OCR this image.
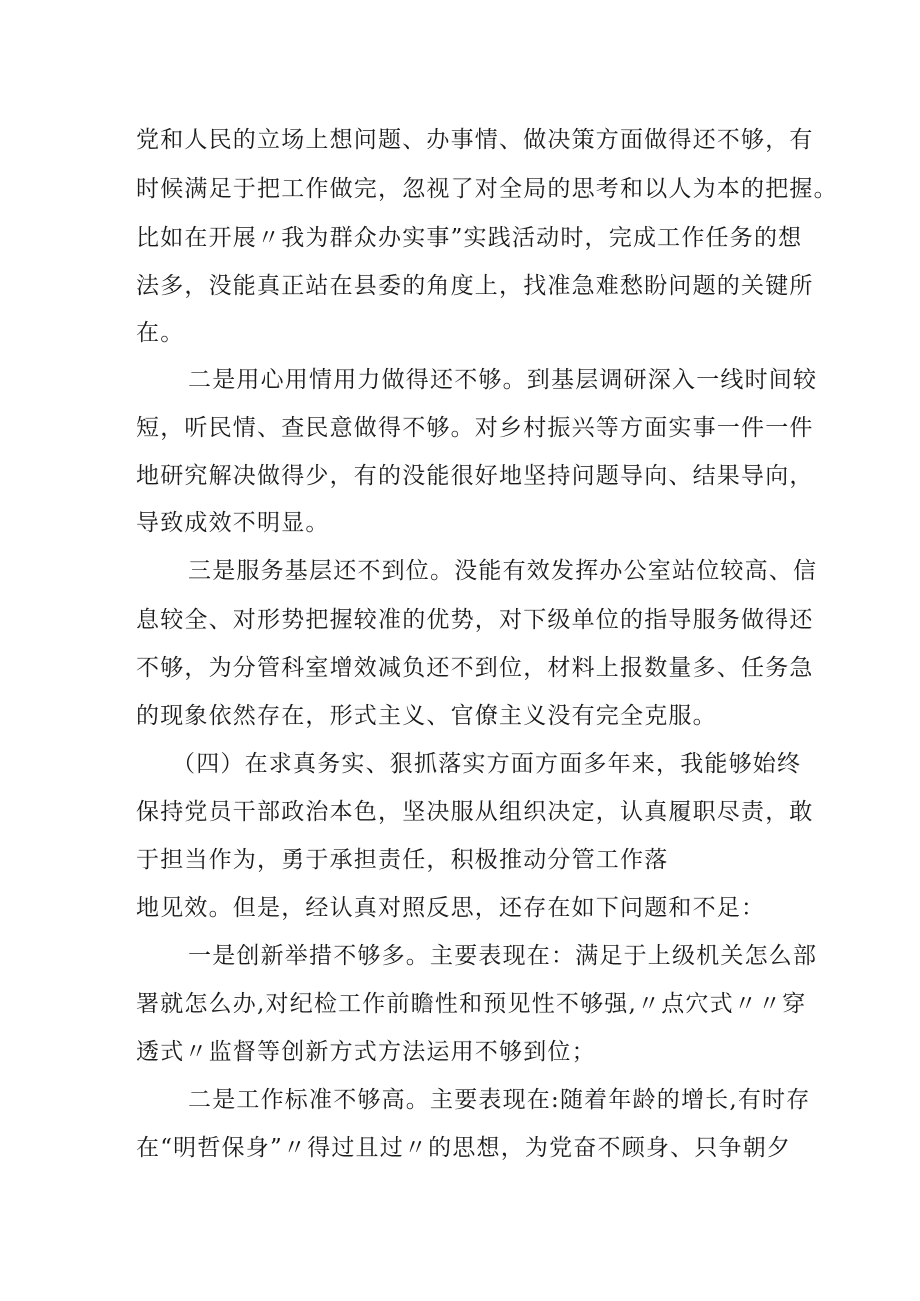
党和人民的立场上想问题、办事情、做决策方面做得还不够，有
时候满足于把工作做完，忽视了对全局的思考和以人为本的把握。
比如在开展〃我为群众办实事”实践活动时，完成工作任务的想
法多，没能真正站在县委的角度上，找准急难愁盼问题的关键所
在。
二是用心用情用力做得还不够。到基层调研深入一线时间较
短，听民情、查民意做得不够。对乡村振兴等方面实事一件一件
地研究解决做得少，有的没能很好地坚持问题导向、结果导向，
导致成效不明显。
三是服务基层还不到位。没能有效发挥办公室站位较高、信
息较全、对形势把握较准的优势，对下级单位的指导服务做得还
不够，为分管科室增效减负还不到位，材料上报数量多、任务急
的现象依然存在，形式主义、官僚主义没有完全克服。
（四）在求真务实、狠抓落实方面方面多年来，我能够始终
保持党员干部政治本色，坚决服从组织决定，认真履职尽责，敢
于担当作为，勇于承担责任，积极推动分管工作落
地见效。但是，经认真对照反思，还存在如下问题和不足：
一是创新举措不够多。主要表现在：满足于上级机关怎么部
署就怎么办,对纪检工作前瞻性和预见性不够强,〃点穴式〃〃穿
透式〃监督等创新方式方法运用不够到位；
二是工作标准不够高。主要表现在:随着年龄的增长,有时存
在“明哲保身”〃得过且过〃的思想，为党奋不顾身、只争朝夕
